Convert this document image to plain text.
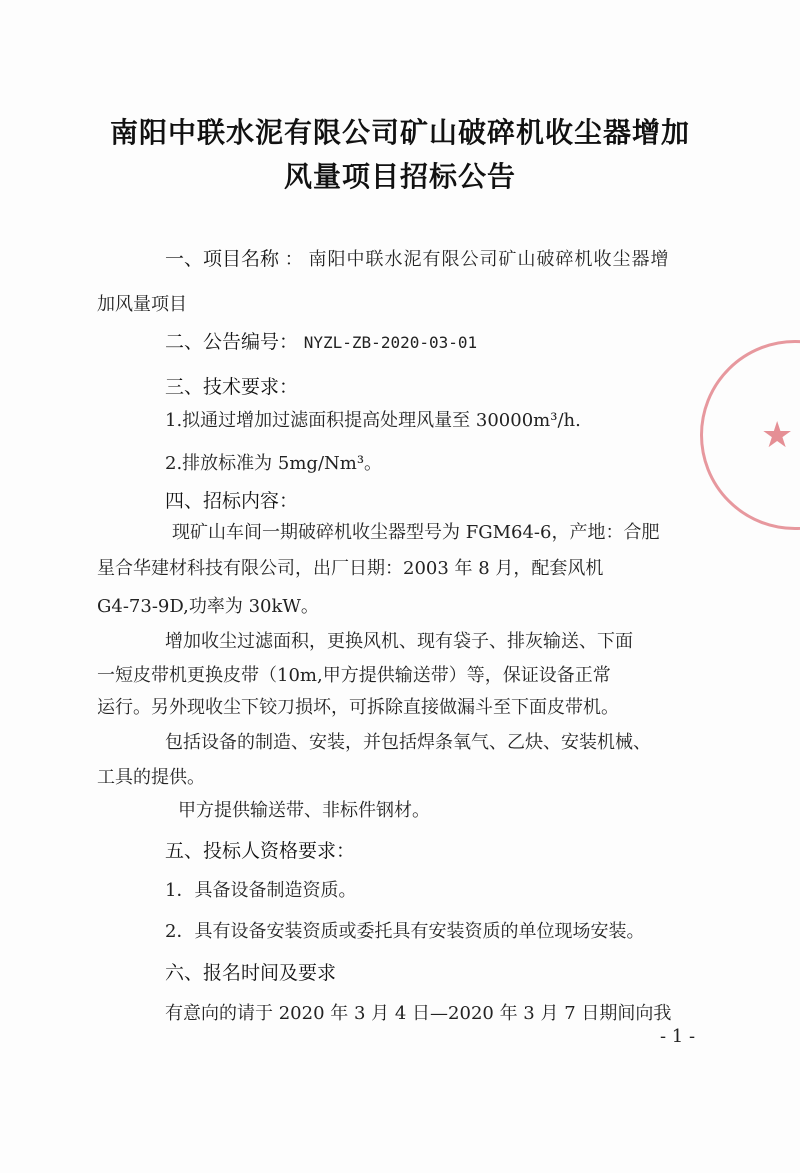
南阳中联水泥有限公司矿山破碎机收尘器增加
风量项目招标公告
一、项目名称 ： 南阳中联水泥有限公司矿山破碎机收尘器增
加风量项目
二、公告编号： NYZL-ZB-2020-03-01
三、技术要求：
1.拟通过增加过滤面积提高处理风量至 30000m³/h.
2.排放标准为 5mg/Nm³。
四、招标内容：
现矿山车间一期破碎机收尘器型号为 FGM64-6，产地：合肥
星合华建材科技有限公司，出厂日期：2003 年 8 月，配套风机
G4-73-9D,功率为 30kW。
增加收尘过滤面积，更换风机、现有袋子、排灰输送、下面
一短皮带机更换皮带（10m,甲方提供输送带）等，保证设备正常
运行。另外现收尘下铰刀损坏，可拆除直接做漏斗至下面皮带机。
包括设备的制造、安装，并包括焊条氧气、乙炔、安装机械、
工具的提供。
甲方提供输送带、非标件钢材。
五、投标人资格要求：
1．具备设备制造资质。
2．具有设备安装资质或委托具有安装资质的单位现场安装。
六、报名时间及要求
有意向的请于 2020 年 3 月 4 日—2020 年 3 月 7 日期间向我
- 1 -
★
